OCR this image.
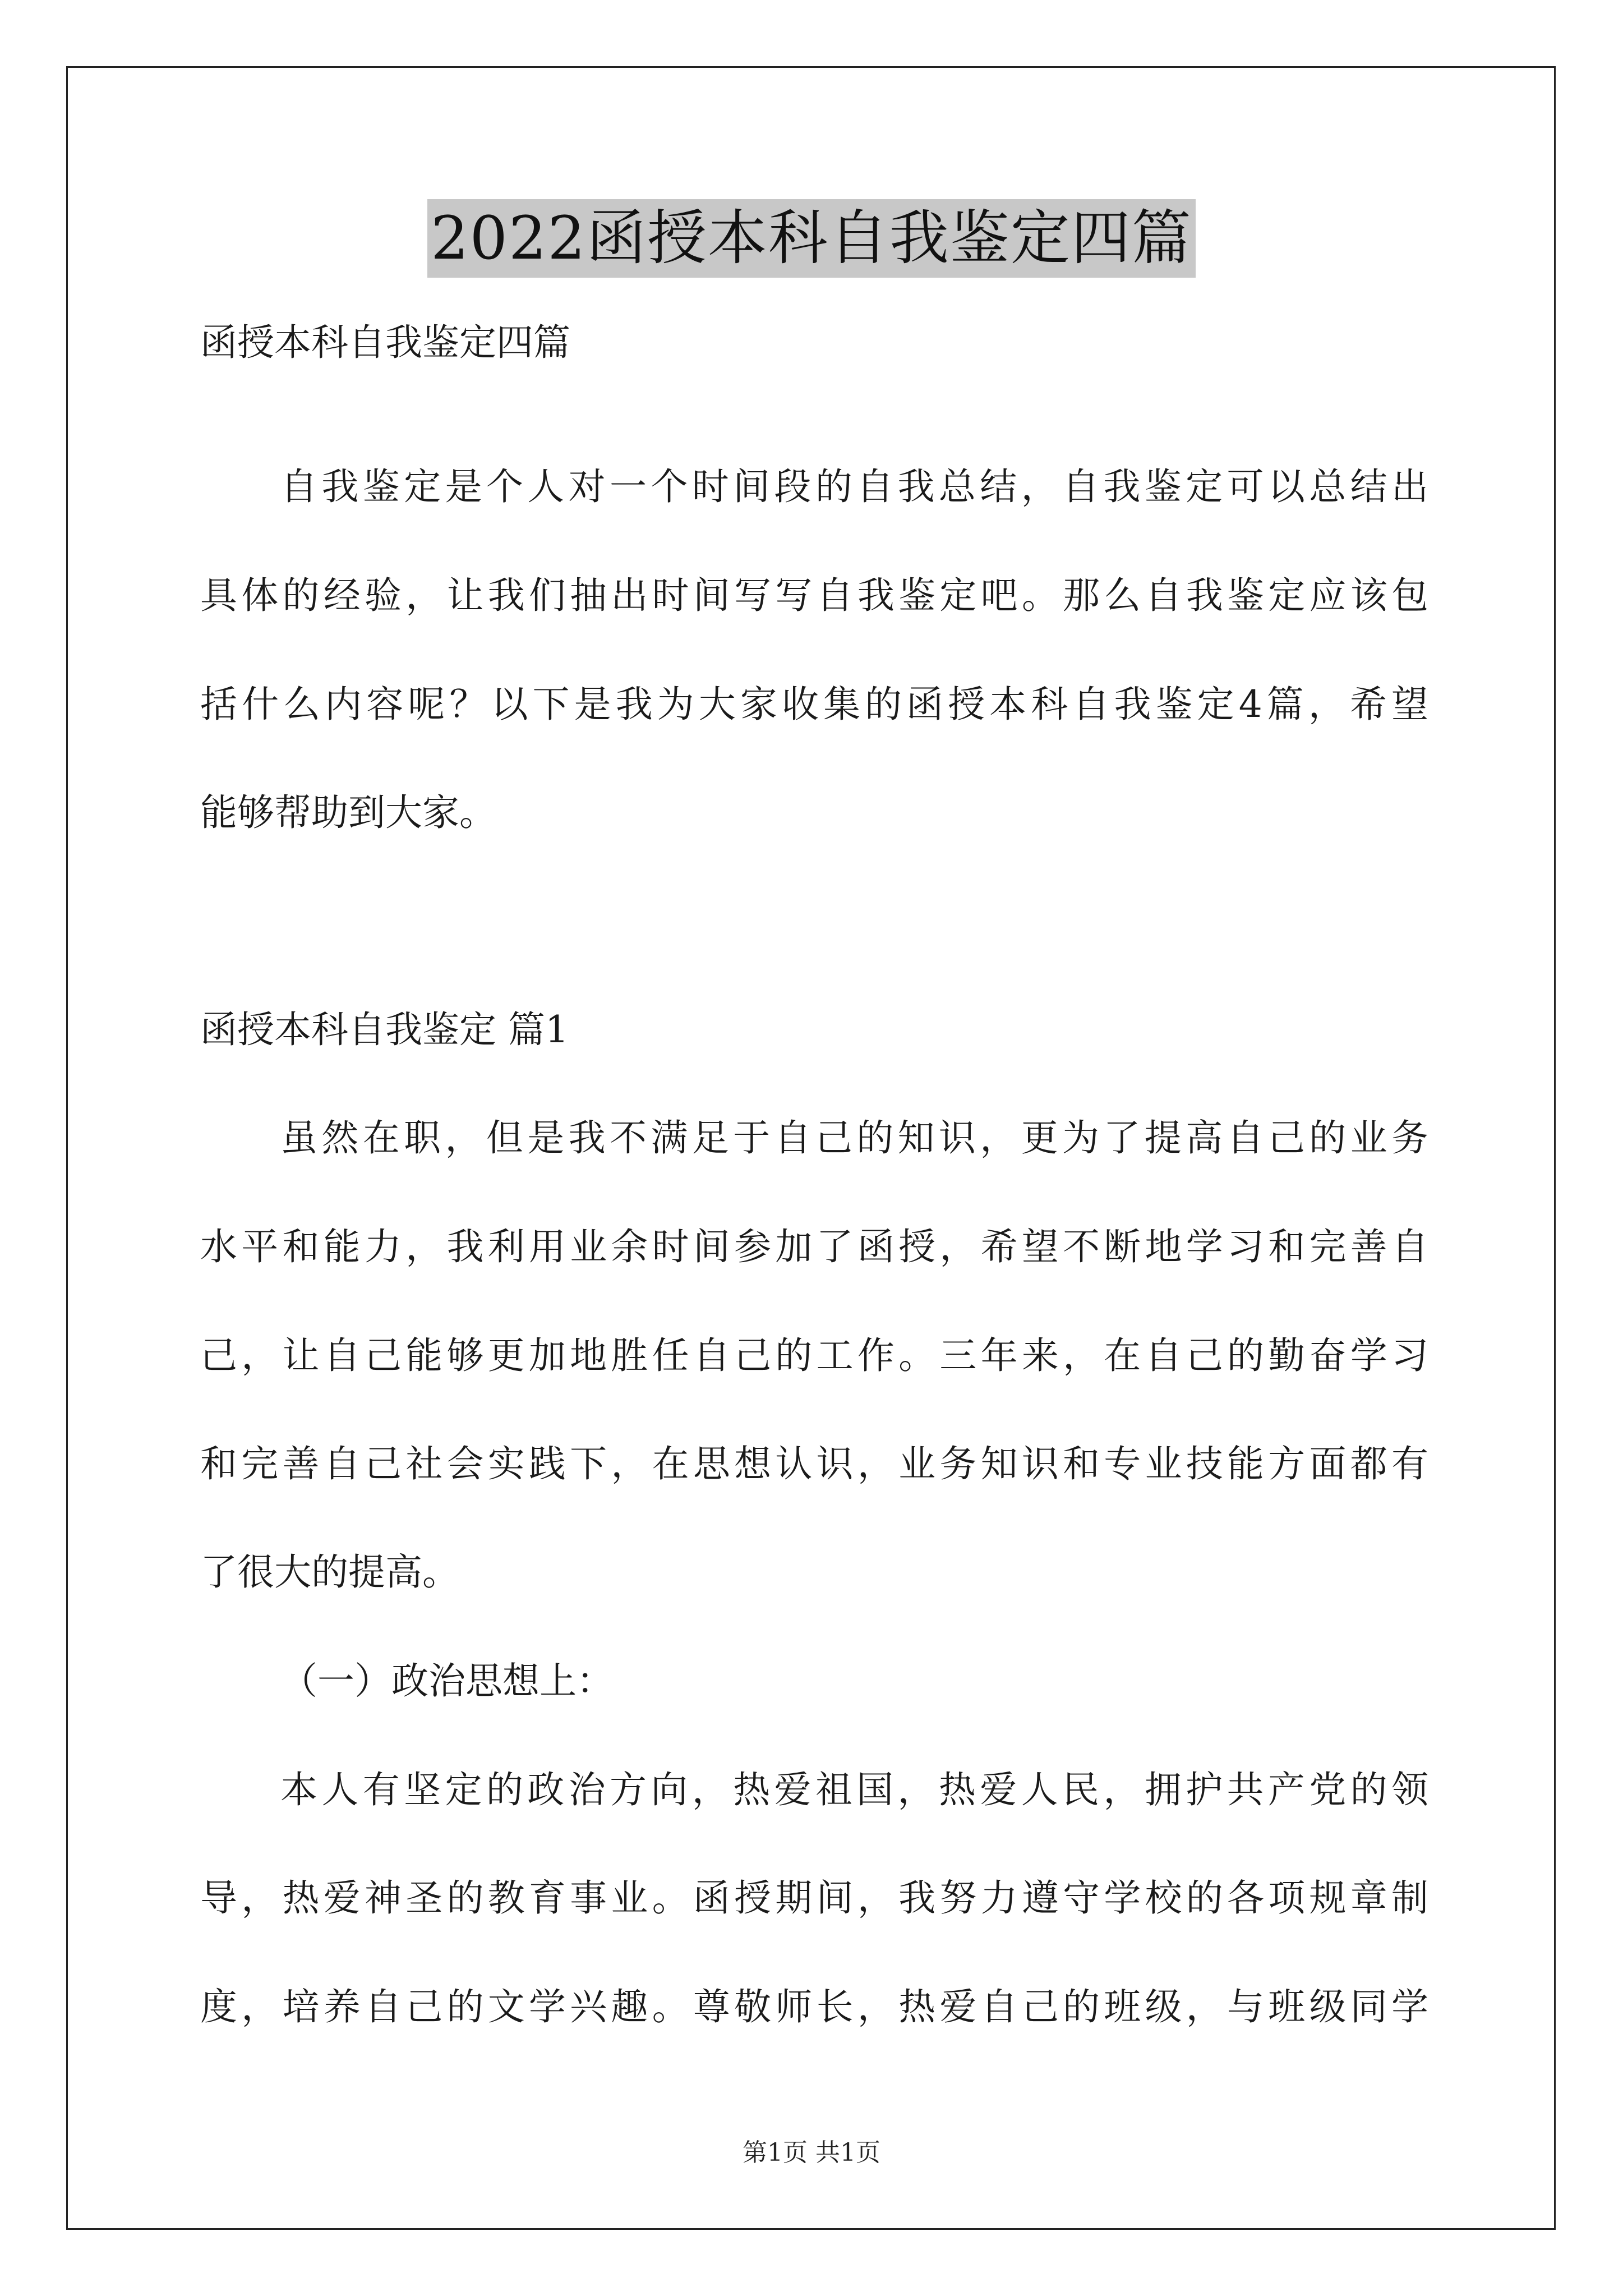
2022函授本科自我鉴定四篇
函授本科自我鉴定四篇
自我鉴定是个人对一个时间段的自我总结，自我鉴定可以总结出
具体的经验，让我们抽出时间写写自我鉴定吧。那么自我鉴定应该包
括什么内容呢？以下是我为大家收集的函授本科自我鉴定4篇，希望
能够帮助到大家。
函授本科自我鉴定 篇1
虽然在职，但是我不满足于自己的知识，更为了提高自己的业务
水平和能力，我利用业余时间参加了函授，希望不断地学习和完善自
己，让自己能够更加地胜任自己的工作。三年来，在自己的勤奋学习
和完善自己社会实践下，在思想认识，业务知识和专业技能方面都有
了很大的提高。
（一）政治思想上：
本人有坚定的政治方向，热爱祖国，热爱人民，拥护共产党的领
导，热爱神圣的教育事业。函授期间，我努力遵守学校的各项规章制
度，培养自己的文学兴趣。尊敬师长，热爱自己的班级，与班级同学
第1页 共1页
